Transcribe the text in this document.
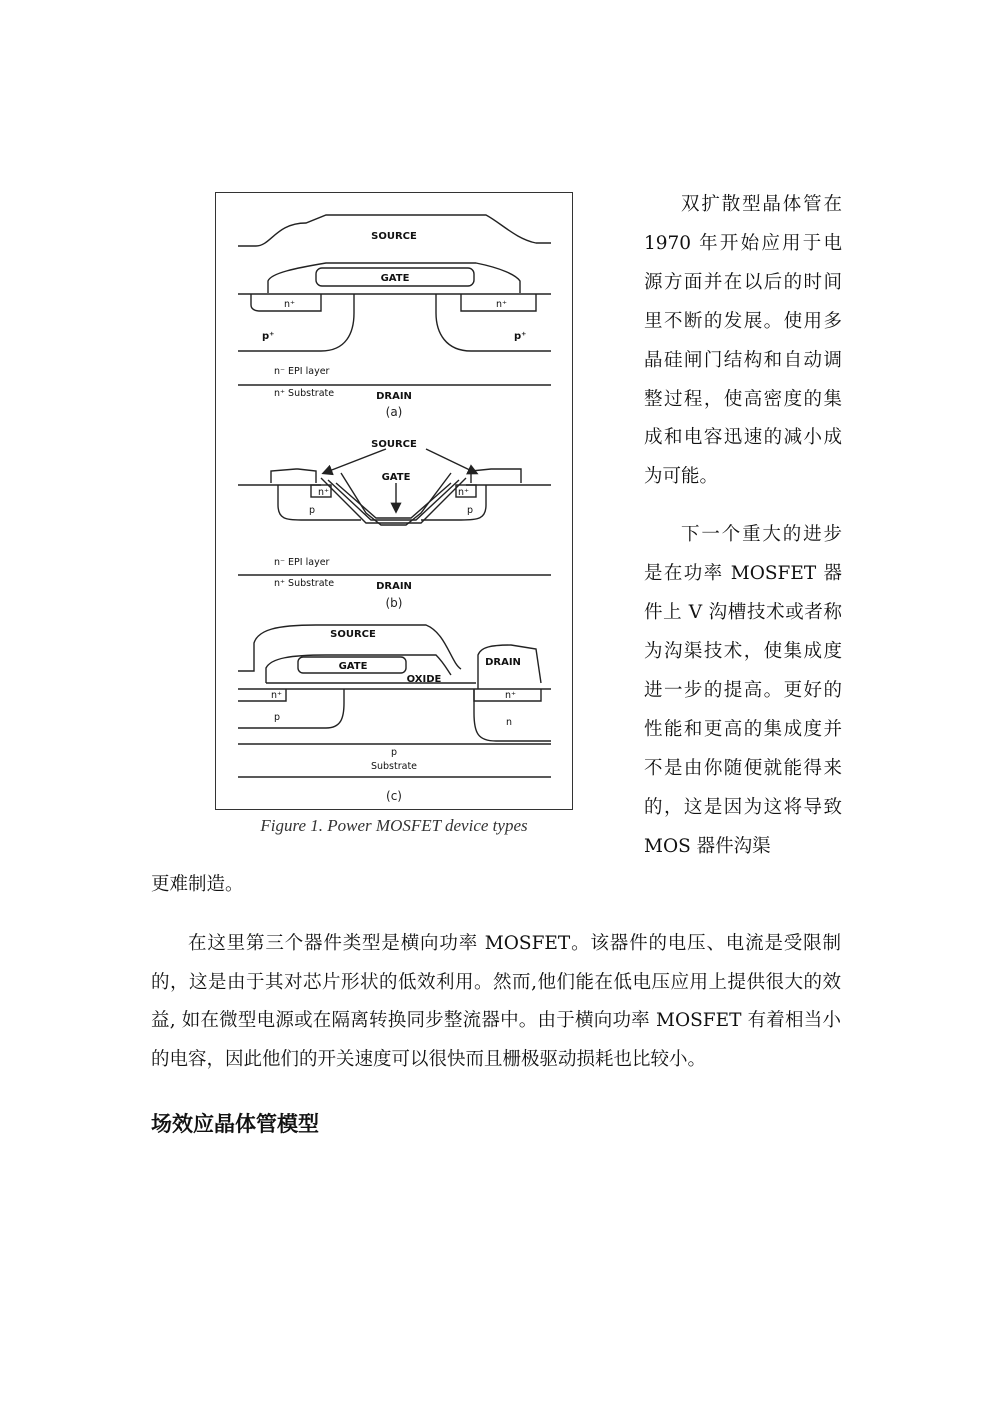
SOURCE
GATE
n⁺	n⁺
p⁺	p⁺
n⁻ EPI layer
n⁺ Substrate	DRAIN
(a)
SOURCE
GATE
n⁺	n⁺
p	p
n⁻ EPI layer
n⁺ Substrate	DRAIN
(b)
SOURCE
GATE	DRAIN
OXIDE
n⁺	n⁺
p	n
p
Substrate
(c)
Figure 1. Power MOSFET device types

双扩散型晶体管在1970 年开始应用于电源方面并在以后的时间里不断的发展。使用多晶硅闸门结构和自动调整过程，使高密度的集成和电容迅速的减小成为可能。

下一个重大的进步是在功率 MOSFET 器件上 V 沟槽技术或者称为沟渠技术，使集成度进一步的提高。更好的性能和更高的集成度并不是由你随便就能得来的，这是因为这将导致 MOS 器件沟渠

更难制造。

在这里第三个器件类型是横向功率 MOSFET。该器件的电压、电流是受限制的，这是由于其对芯片形状的低效利用。然而,他们能在低电压应用上提供很大的效益, 如在微型电源或在隔离转换同步整流器中。由于横向功率 MOSFET 有着相当小的电容，因此他们的开关速度可以很快而且栅极驱动损耗也比较小。

场效应晶体管模型
